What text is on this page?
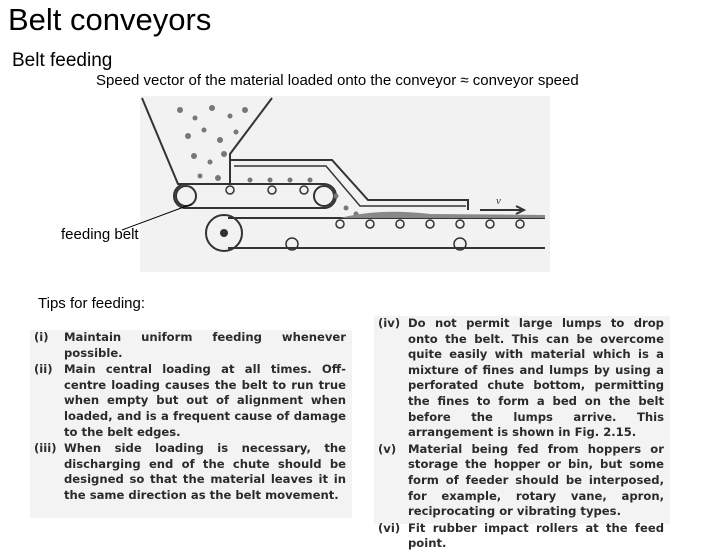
Belt conveyors
Belt feeding
Speed vector of the material loaded onto the conveyor ≈ conveyor speed
v
feeding belt
Tips for feeding:
(i)	Maintain uniform feeding whenever possible.
(ii) Main central loading at all times. Off-centre loading causes the belt to run true when empty but out of alignment when loaded, and is a frequent cause of damage to the belt edges.
(iii) When side loading is necessary, the discharging end of the chute should be designed so that the material leaves it in the same direction as the belt movement.
(iv) Do not permit large lumps to drop onto the belt. This can be overcome quite easily with material which is a mixture of fines and lumps by using a perforated chute bottom, permitting the fines to form a bed on the belt before the lumps arrive. This arrangement is shown in Fig. 2.15.
(v)	Material being fed from hoppers or storage the hopper or bin, but some form of feeder should be interposed, for example, rotary vane, apron, reciprocating or vibrating types.
(vi) Fit rubber impact rollers at the feed point.
